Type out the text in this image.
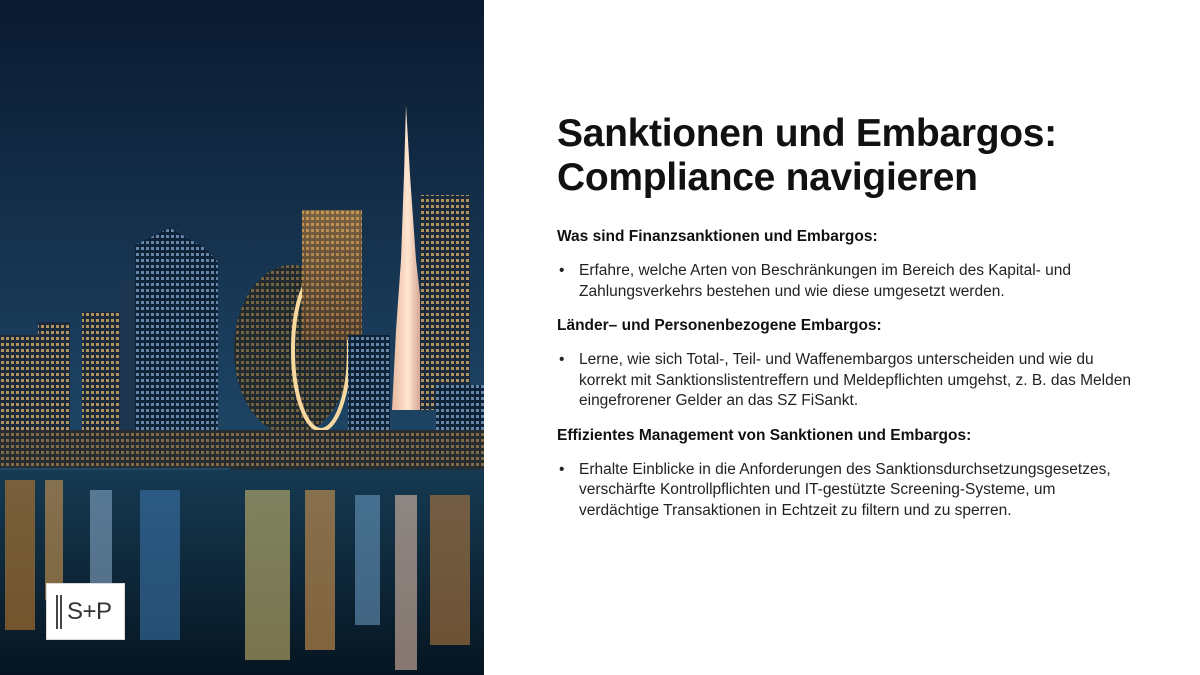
S+P
Sanktionen und Embargos:
Compliance navigieren

Was sind Finanzsanktionen und Embargos:

• Erfahre, welche Arten von Beschränkungen im Bereich des Kapital- und Zahlungsverkehrs bestehen und wie diese umgesetzt werden.

Länder– und Personenbezogene Embargos:

• Lerne, wie sich Total-, Teil- und Waffenembargos unterscheiden und wie du korrekt mit Sanktionslistentreffern und Meldepflichten umgehst, z. B. das Melden eingefrorener Gelder an das SZ FiSankt.

Effizientes Management von Sanktionen und Embargos:

• Erhalte Einblicke in die Anforderungen des Sanktionsdurchsetzungsgesetzes, verschärfte Kontrollpflichten und IT-gestützte Screening-Systeme, um verdächtige Transaktionen in Echtzeit zu filtern und zu sperren.
